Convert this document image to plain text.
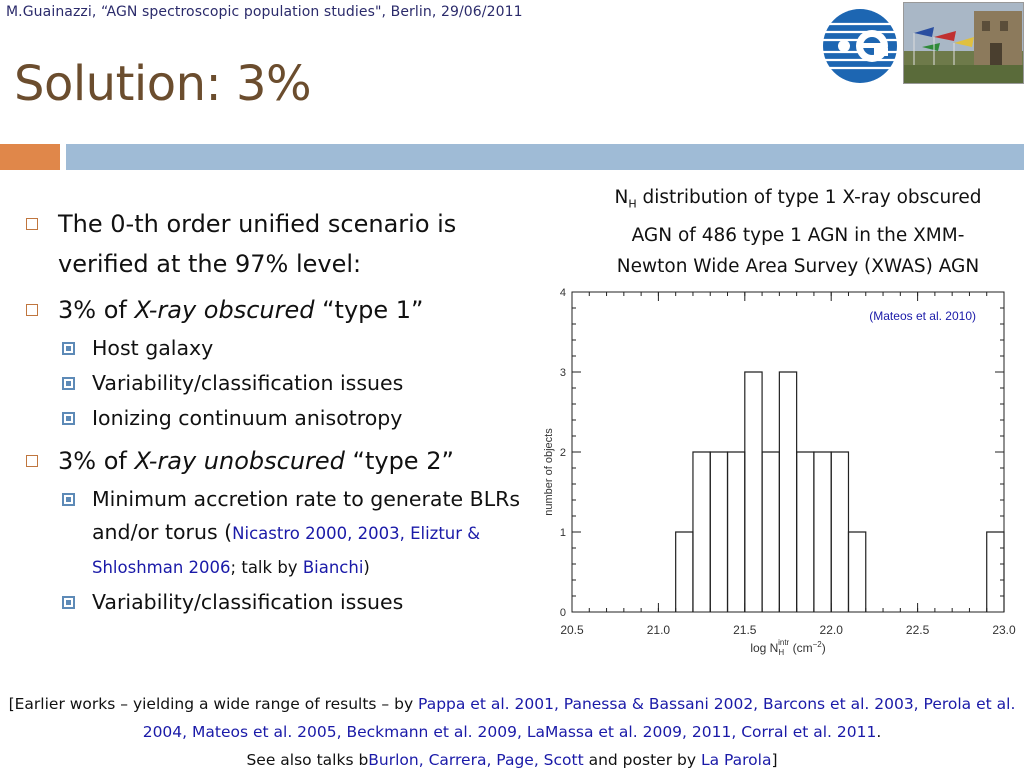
M.Guainazzi, “AGN spectroscopic population studies", Berlin, 29/06/2011
Solution: 3%
The 0-th order unified scenario is verified at the 97% level:
3% of X-ray obscured “type 1”
Host galaxy
Variability/classification issues
Ionizing continuum anisotropy
3% of X-ray unobscured “type 2”
Minimum accretion rate to generate BLRs and/or torus (Nicastro 2000, 2003, Eliztur & Shloshman 2006; talk by Bianchi)
Variability/classification issues
$N_H$ distribution of type 1 X-ray obscured
AGN of 486 type 1 AGN in the XMM-
Newton Wide Area Survey (XWAS) AGN
20.5	21.0	21.5	22.0	22.5	23.0
0
1
2
3
4
(Mateos et al. 2010)
number of objects
$\log N_Hintr$ $(cm^{-2})$
[Earlier works – yielding a wide range of results – by Pappa et al. 2001, Panessa & Bassani 2002, Barcons et al. 2003, Perola et al. 2004, Mateos et al. 2005, Beckmann et al. 2009, LaMassa et al. 2009, 2011, Corral et al. 2011.
See also talks bBurlon, Carrera, Page, Scott and poster by La Parola]
